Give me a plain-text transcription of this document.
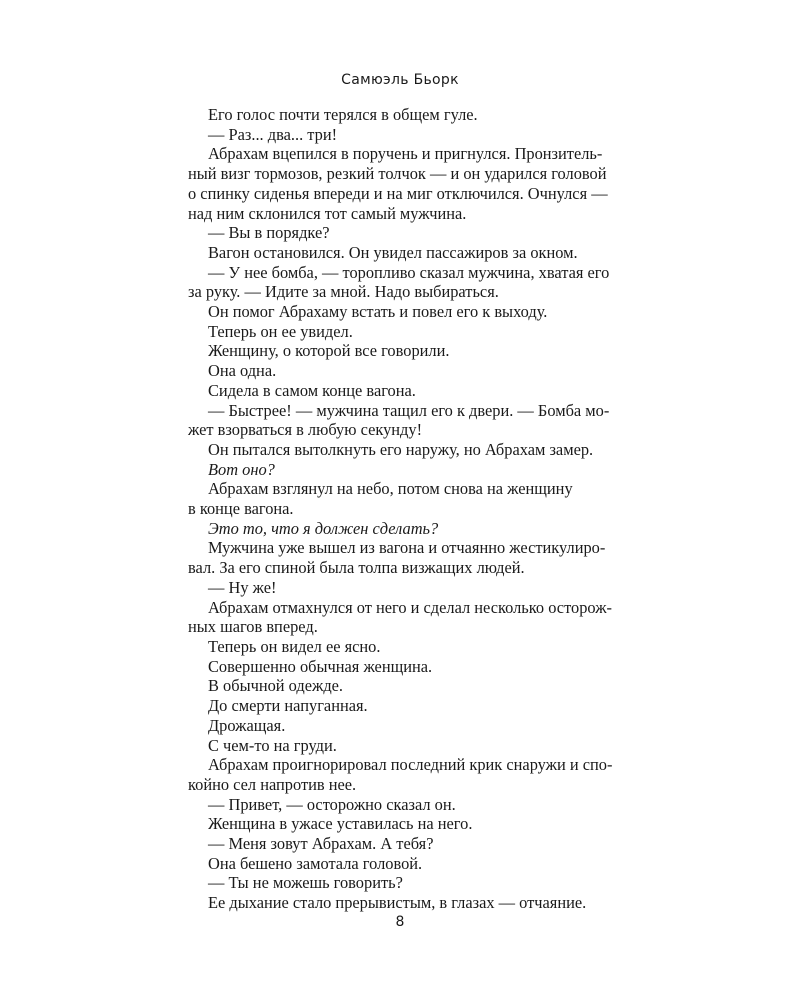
Самюэль Бьорк

Его голос почти терялся в общем гуле.

— Раз... два... три!

Абрахам вцепился в поручень и пригнулся. Пронзитель-

ный визг тормозов, резкий толчок — и он ударился головой

о спинку сиденья впереди и на миг отключился. Очнулся —

над ним склонился тот самый мужчина.

— Вы в порядке?

Вагон остановился. Он увидел пассажиров за окном.

— У нее бомба, — торопливо сказал мужчина, хватая его

за руку. — Идите за мной. Надо выбираться.

Он помог Абрахаму встать и повел его к выходу.

Теперь он ее увидел.

Женщину, о которой все говорили.

Она одна.

Сидела в самом конце вагона.

— Быстрее! — мужчина тащил его к двери. — Бомба мо-

жет взорваться в любую секунду!

Он пытался вытолкнуть его наружу, но Абрахам замер.

Вот оно?

Абрахам взглянул на небо, потом снова на женщину

в конце вагона.

Это то, что я должен сделать?

Мужчина уже вышел из вагона и отчаянно жестикулиро-

вал. За его спиной была толпа визжащих людей.

— Ну же!

Абрахам отмахнулся от него и сделал несколько осторож-

ных шагов вперед.

Теперь он видел ее ясно.

Совершенно обычная женщина.

В обычной одежде.

До смерти напуганная.

Дрожащая.

С чем-то на груди.

Абрахам проигнорировал последний крик снаружи и спо-

койно сел напротив нее.

— Привет, — осторожно сказал он.

Женщина в ужасе уставилась на него.

— Меня зовут Абрахам. А тебя?

Она бешено замотала головой.

— Ты не можешь говорить?

Ее дыхание стало прерывистым, в глазах — отчаяние.

8
